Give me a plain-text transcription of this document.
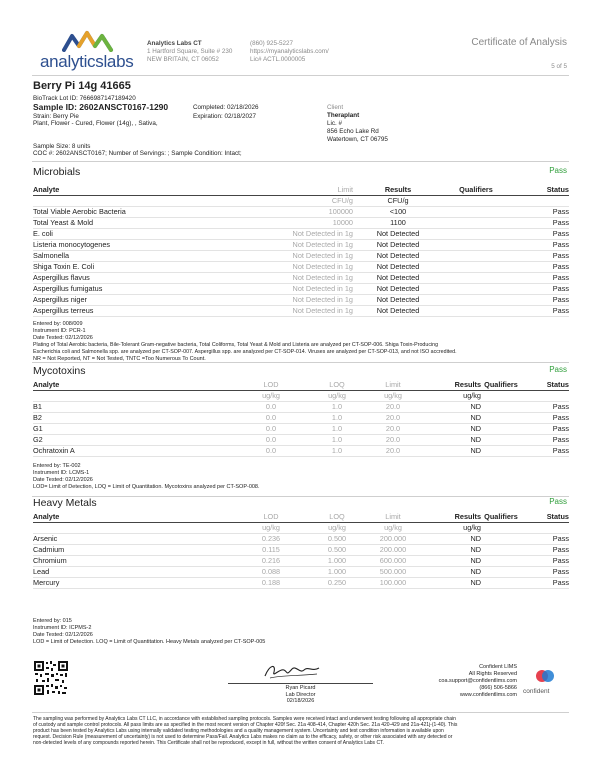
analyticslabs
Analytics Labs CT
1 Hartford Square, Suite # 230
NEW BRITAIN, CT 06052
(860) 925-5227
https://myanalyticslabs.com/
Lic# ACTL.0000005
Certificate of Analysis
5 of 5
Berry Pi 14g 41665
BioTrack Lot ID: 7666987147189420
Sample ID: 2602ANSCT0167-1290
Strain: Berry Pie
Plant, Flower - Cured, Flower (14g), , Sativa,
Completed: 02/18/2026
Expiration: 02/18/2027
Client
Theraplant
Lic. #
856 Echo Lake Rd
Watertown, CT 06795
Sample Size: 8 units
COC #: 2602ANSCT0167; Number of Servings: ; Sample Condition: Intact;
Microbials	Pass
Analyte	Limit	Results	Qualifiers	Status
	CFU/g	CFU/g		
Total Viable Aerobic Bacteria	100000	<100		Pass
Total Yeast & Mold	10000	1100		Pass
E. coli	Not Detected in 1g	Not Detected		Pass
Listeria monocytogenes	Not Detected in 1g	Not Detected		Pass
Salmonella	Not Detected in 1g	Not Detected		Pass
Shiga Toxin E. Coli	Not Detected in 1g	Not Detected		Pass
Aspergillus flavus	Not Detected in 1g	Not Detected		Pass
Aspergillus fumigatus	Not Detected in 1g	Not Detected		Pass
Aspergillus niger	Not Detected in 1g	Not Detected		Pass
Aspergillus terreus	Not Detected in 1g	Not Detected		Pass
Entered by: 008/009
Instrument ID: PCR-1
Date Tested: 02/12/2026
Plating of Total Aerobic bacteria, Bile-Tolerant Gram-negative bacteria, Total Coliforms, Total Yeast & Mold and Listeria are analyzed per CT-SOP-006. Shiga Toxin-Producing
Escherichia coli and Salmonella spp. are analyzed per CT-SOP-007. Aspergillus spp. are analyzed per CT-SOP-014. Viruses are analyzed per CT-SOP-013, and not ISO accredited.
NR = Not Reported, NT = Not Tested, TNTC =Too Numerous To Count.
Mycotoxins	Pass
Analyte	LOD	LOQ	Limit	Results	Qualifiers	Status
	ug/kg	ug/kg	ug/kg	ug/kg		
B1	0.0	1.0	20.0	ND		Pass
B2	0.0	1.0	20.0	ND		Pass
G1	0.0	1.0	20.0	ND		Pass
G2	0.0	1.0	20.0	ND		Pass
Ochratoxin A	0.0	1.0	20.0	ND		Pass
Entered by: TE-002
Instrument ID: LCMS-1
Date Tested: 02/12/2026
LOD= Limit of Detection, LOQ = Limit of Quantitation. Mycotoxins analyzed per CT-SOP-008.
Heavy Metals	Pass
Analyte	LOD	LOQ	Limit	Results	Qualifiers	Status
	ug/kg	ug/kg	ug/kg	ug/kg		
Arsenic	0.236	0.500	200.000	ND		Pass
Cadmium	0.115	0.500	200.000	ND		Pass
Chromium	0.216	1.000	600.000	ND		Pass
Lead	0.088	1.000	500.000	ND		Pass
Mercury	0.188	0.250	100.000	ND		Pass
Entered by: 015
Instrument ID: ICPMS-2
Date Tested: 02/12/2026
LOD = Limit of Detection. LOQ = Limit of Quantitation. Heavy Metals analyzed per CT-SOP-005
Ryan Picard
Lab Director
02/18/2026
Confident LIMS
All Rights Reserved
coa.support@confidentlims.com
(866) 506-5866
www.confidentlims.com confident
The sampling was performed by Analytics Labs CT LLC, in accordance with established sampling protocols. Samples were received intact and underwent testing following all appropriate chain
of custody and sample control protocols. All pass limits are as specified in the most recent version of Chapter 420f Sec. 21a 408-414, Chapter 420h Sec. 21a 420-429 and 21a-421j-(1-40). This
product has been tested by Analytics Labs using internally validated testing methodologies and a quality management system. Uncertainty and test condition information is available upon
request. Decision Rule (measurement of uncertainty) is not used to determine Pass/Fail. Analytics Labs makes no claim as to the efficacy, safety, or other risk associated with any detected or
non-detected levels of any compounds reported herein. This Certificate shall not be reproduced, except in full, without the written consent of Analytics Labs CT.
